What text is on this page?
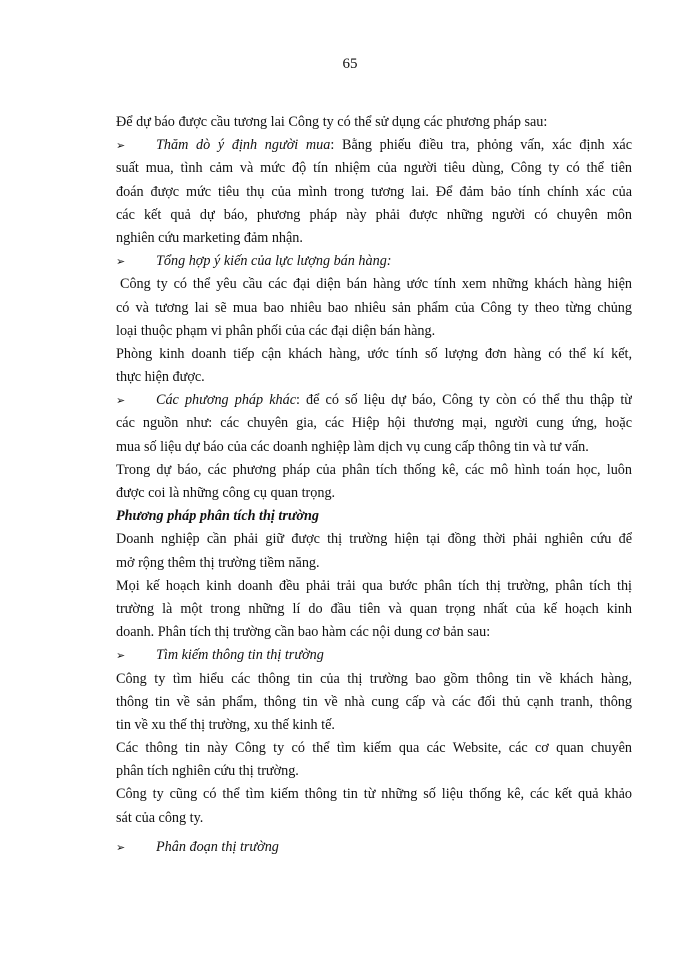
65
Để dự báo được cầu tương lai Công ty có thể sử dụng các phương pháp sau:
➢	Thăm dò ý định người mua: Bằng phiếu điều tra, phỏng vấn, xác định xác
suất mua, tình cảm và mức độ tín nhiệm của người tiêu dùng, Công ty có thể tiên
đoán được mức tiêu thụ của mình trong tương lai. Để đảm bảo tính chính xác của
các kết quả dự báo, phương pháp này phải được những người có chuyên môn
nghiên cứu marketing đảm nhận.
➢	Tổng hợp ý kiến của lực lượng bán hàng:
Công ty có thể yêu cầu các đại diện bán hàng ước tính xem những khách hàng hiện
có và tương lai sẽ mua bao nhiêu bao nhiêu sản phẩm của Công ty theo từng chủng
loại thuộc phạm vi phân phối của các đại diện bán hàng.
Phòng kinh doanh tiếp cận khách hàng, ước tính số lượng đơn hàng có thể kí kết,
thực hiện được.
➢	Các phương pháp khác: để có số liệu dự báo, Công ty còn có thể thu thập từ
các nguồn như: các chuyên gia, các Hiệp hội thương mại, người cung ứng, hoặc
mua số liệu dự báo của các doanh nghiệp làm dịch vụ cung cấp thông tin và tư vấn.
Trong dự báo, các phương pháp của phân tích thống kê, các mô hình toán học, luôn
được coi là những công cụ quan trọng.
Phương pháp phân tích thị trường
Doanh nghiệp cần phải giữ được thị trường hiện tại đồng thời phải nghiên cứu để
mở rộng thêm thị trường tiềm năng.
Mọi kế hoạch kinh doanh đều phải trải qua bước phân tích thị trường, phân tích thị
trường là một trong những lí do đầu tiên và quan trọng nhất của kế hoạch kinh
doanh. Phân tích thị trường cần bao hàm các nội dung cơ bản sau:
➢	Tìm kiếm thông tin thị trường
Công ty tìm hiểu các thông tin của thị trường bao gồm thông tin về khách hàng,
thông tin về sản phẩm, thông tin về nhà cung cấp và các đối thủ cạnh tranh, thông
tin về xu thế thị trường, xu thế kinh tế.
Các thông tin này Công ty có thể tìm kiếm qua các Website, các cơ quan chuyên
phân tích nghiên cứu thị trường.
Công ty cũng có thể tìm kiếm thông tin từ những số liệu thống kê, các kết quả khảo
sát của công ty.
➢	Phân đoạn thị trường
